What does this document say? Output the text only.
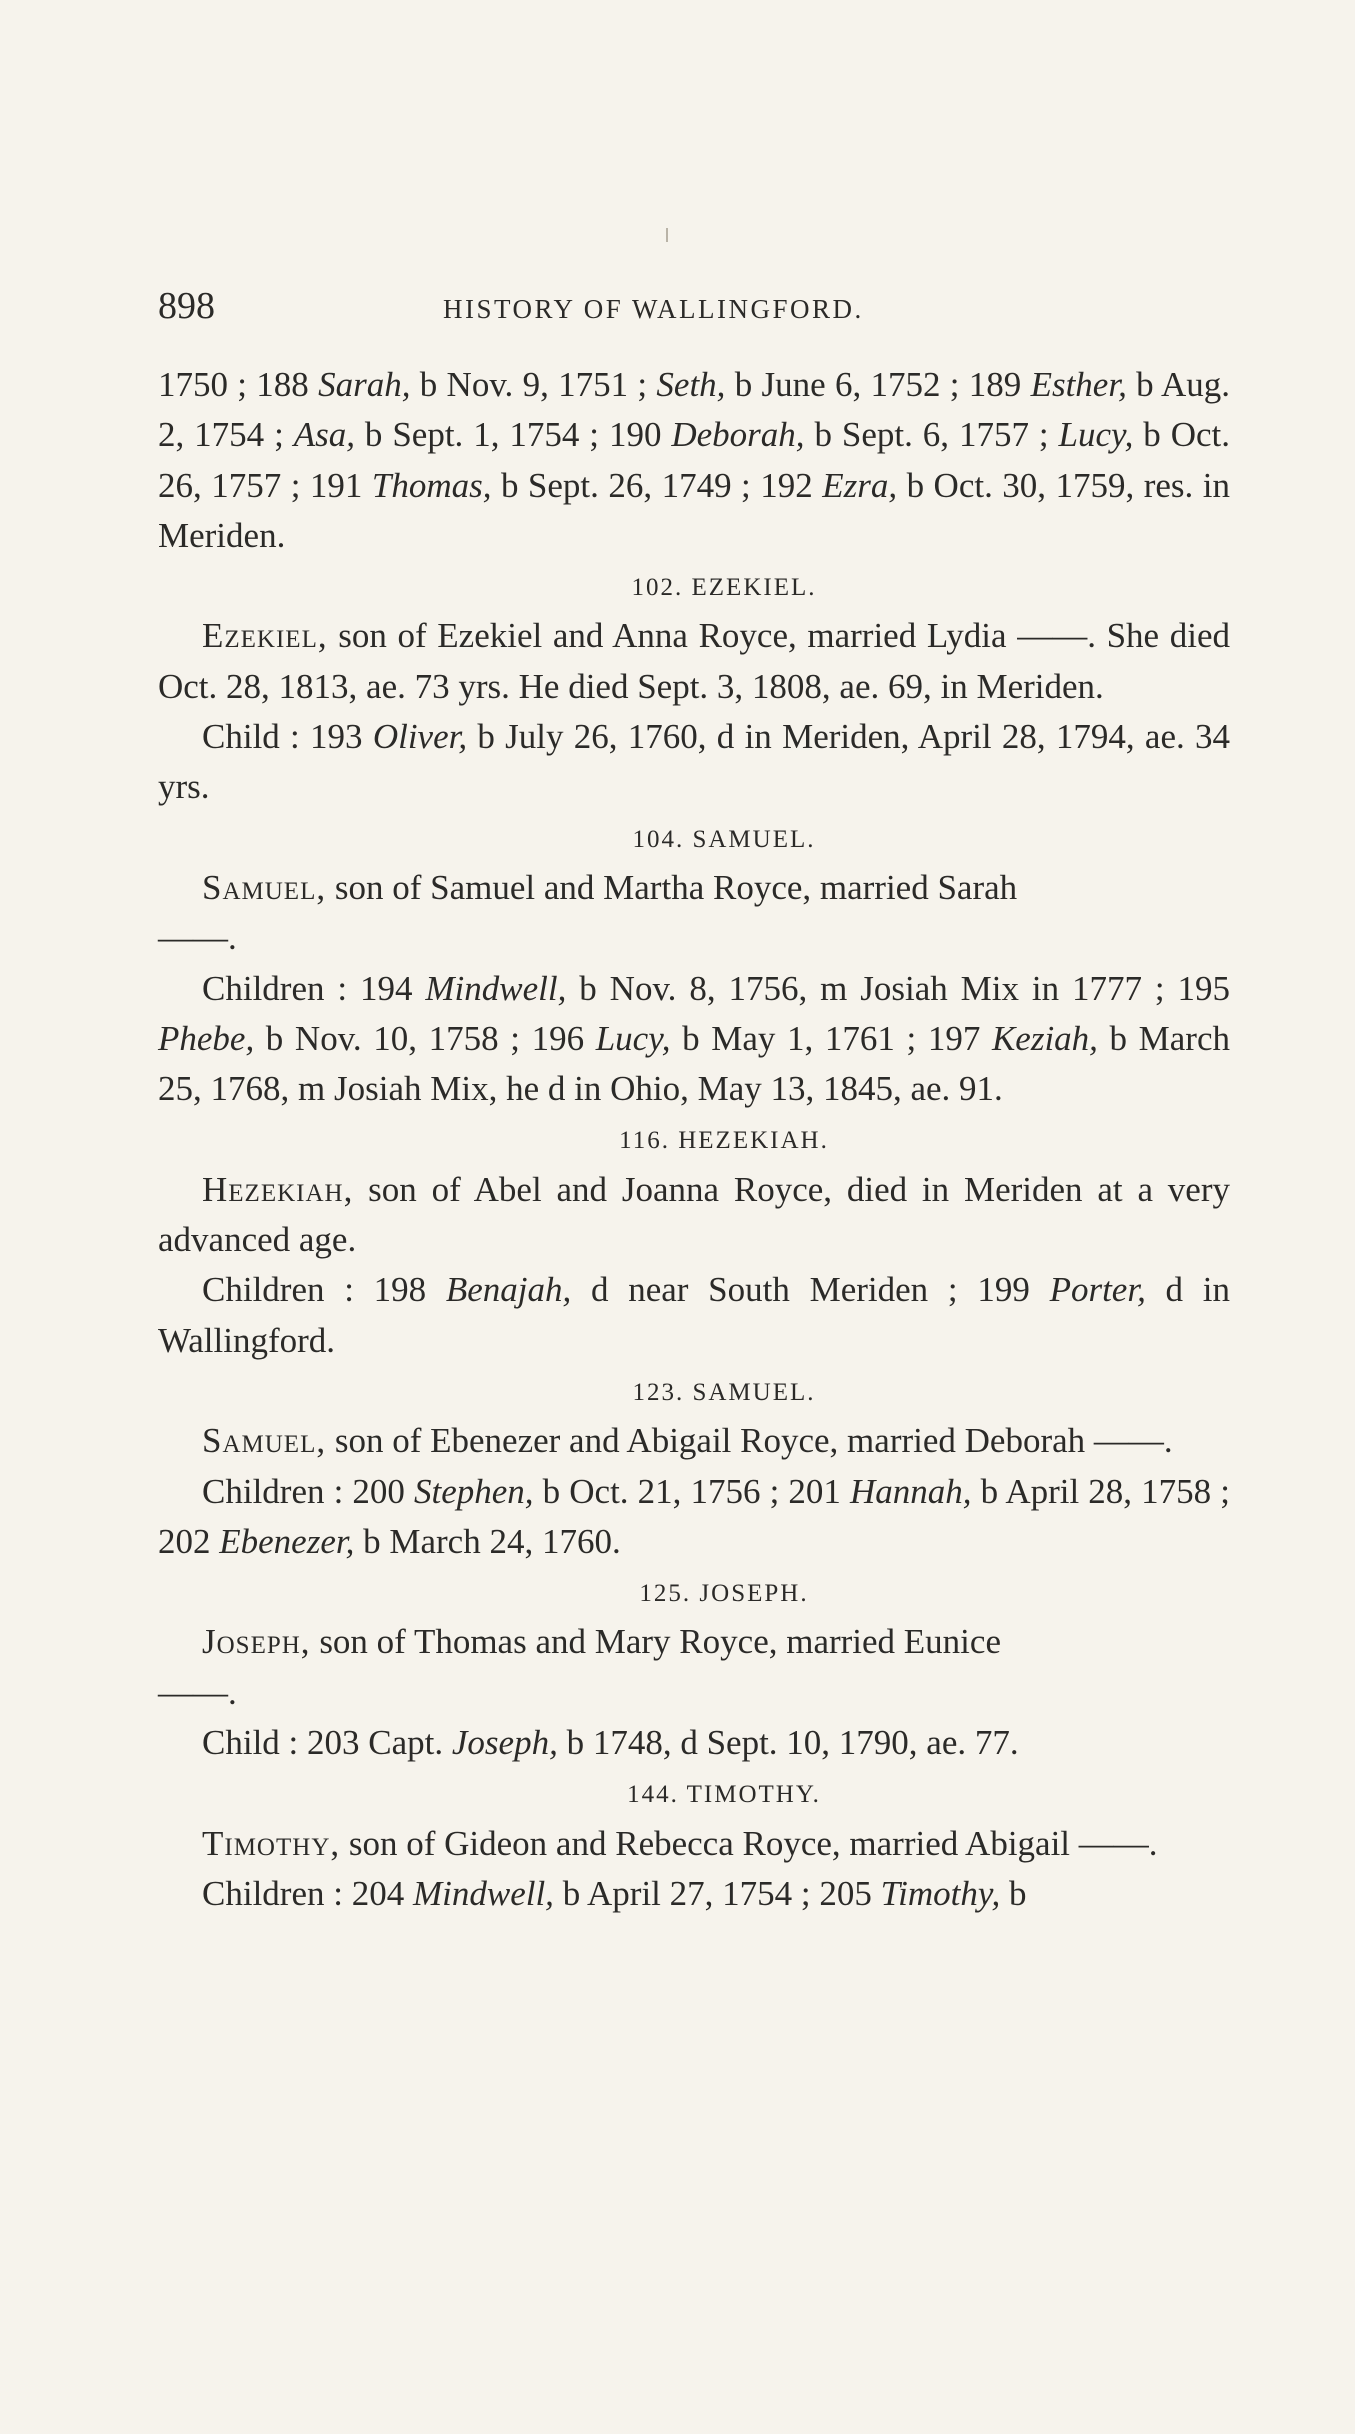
898	HISTORY OF WALLINGFORD.

1750 ; 188 Sarah, b Nov. 9, 1751 ; Seth, b June 6, 1752 ; 189 Esther, b Aug. 2, 1754 ; Asa, b Sept. 1, 1754 ; 190 Deborah, b Sept. 6, 1757 ; Lucy, b Oct. 26, 1757 ; 191 Thomas, b Sept. 26, 1749 ; 192 Ezra, b Oct. 30, 1759, res. in Meriden.

102. EZEKIEL.

Ezekiel, son of Ezekiel and Anna Royce, married Lydia ——. She died Oct. 28, 1813, ae. 73 yrs. He died Sept. 3, 1808, ae. 69, in Meriden.

Child : 193 Oliver, b July 26, 1760, d in Meriden, April 28, 1794, ae. 34 yrs.

104. SAMUEL.

Samuel, son of Samuel and Martha Royce, married Sarah
——.

Children : 194 Mindwell, b Nov. 8, 1756, m Josiah Mix in 1777 ; 195 Phebe, b Nov. 10, 1758 ; 196 Lucy, b May 1, 1761 ; 197 Keziah, b March 25, 1768, m Josiah Mix, he d in Ohio, May 13, 1845, ae. 91.

116. HEZEKIAH.

Hezekiah, son of Abel and Joanna Royce, died in Meriden at a very advanced age.

Children : 198 Benajah, d near South Meriden ; 199 Porter, d in Wallingford.

123. SAMUEL.

Samuel, son of Ebenezer and Abigail Royce, married Deborah ——.

Children : 200 Stephen, b Oct. 21, 1756 ; 201 Hannah, b April 28, 1758 ; 202 Ebenezer, b March 24, 1760.

125. JOSEPH.

Joseph, son of Thomas and Mary Royce, married Eunice
——.

Child : 203 Capt. Joseph, b 1748, d Sept. 10, 1790, ae. 77.

144. TIMOTHY.

Timothy, son of Gideon and Rebecca Royce, married Abigail ——.

Children : 204 Mindwell, b April 27, 1754 ; 205 Timothy, b
